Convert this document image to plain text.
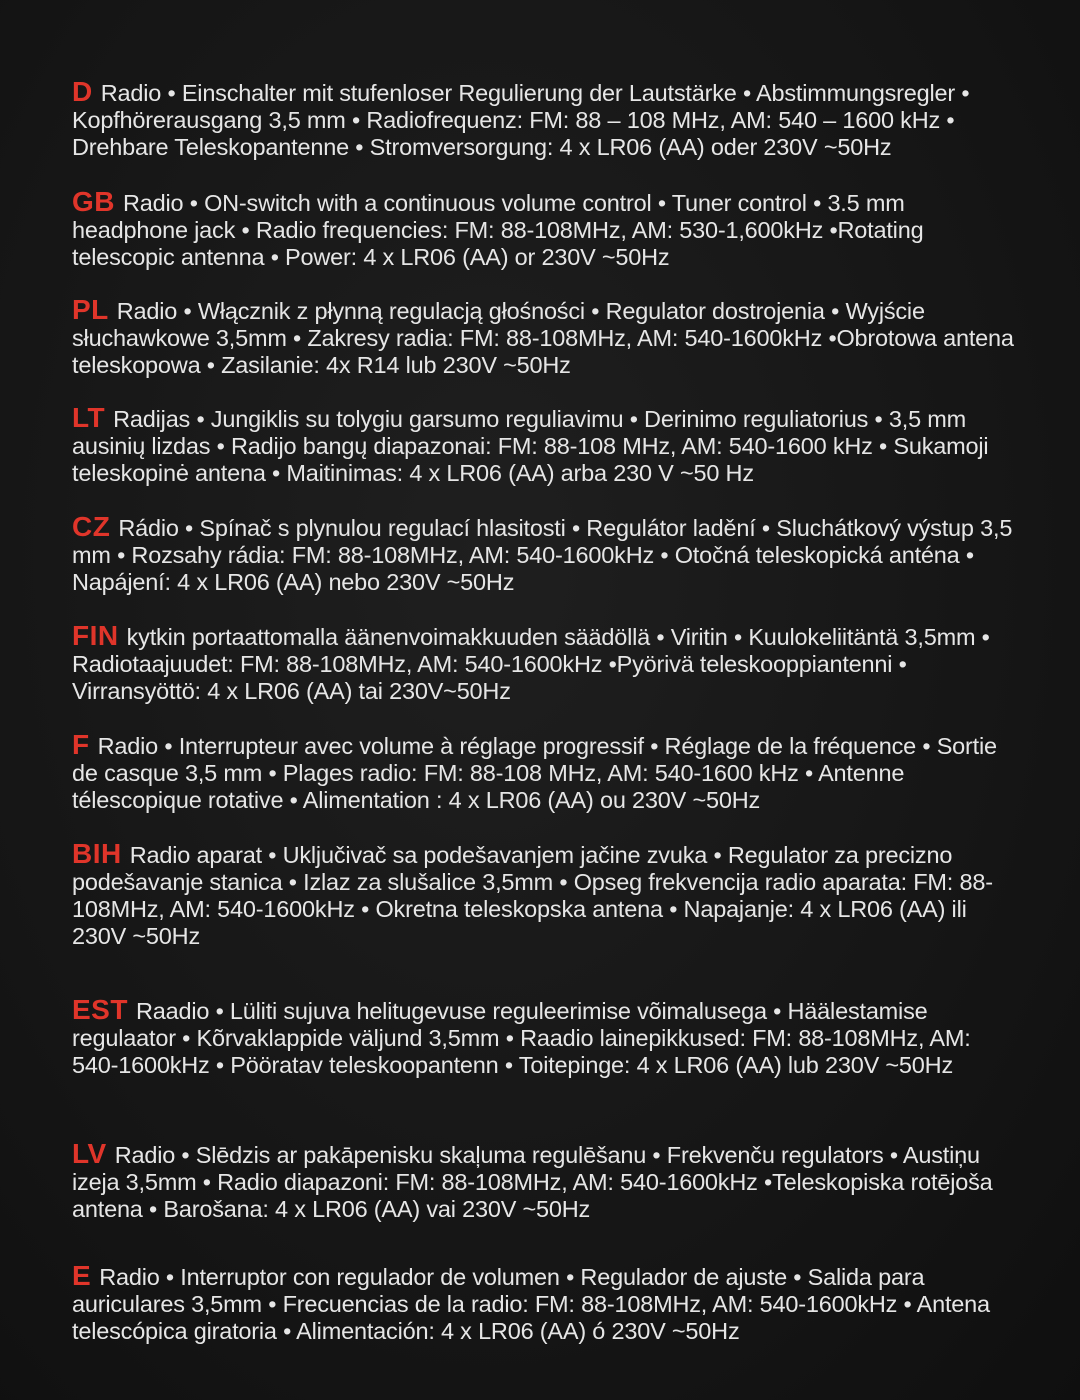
D Radio • Einschalter mit stufenloser Regulierung der Lautstärke • Abstimmungsregler • Kopfhörerausgang 3,5 mm • Radiofrequenz: FM: 88 – 108 MHz, AM: 540 – 1600 kHz • Drehbare Teleskopantenne • Stromversorgung: 4 x LR06 (AA) oder 230V ~50Hz
GB Radio • ON-switch with a continuous volume control • Tuner control • 3.5 mm headphone jack • Radio frequencies: FM: 88-108MHz, AM: 530-1,600kHz •Rotating telescopic antenna • Power: 4 x LR06 (AA) or 230V ~50Hz
PL Radio • Włącznik z płynną regulacją głośności • Regulator dostrojenia • Wyjście słuchawkowe 3,5mm • Zakresy radia: FM: 88-108MHz, AM: 540-1600kHz •Obrotowa antena teleskopowa • Zasilanie: 4x R14 lub 230V ~50Hz
LT Radijas • Jungiklis su tolygiu garsumo reguliavimu • Derinimo reguliatorius • 3,5 mm ausinių lizdas • Radijo bangų diapazonai: FM: 88-108 MHz, AM: 540-1600 kHz • Sukamoji teleskopinė antena • Maitinimas: 4 x LR06 (AA) arba 230 V ~50 Hz
CZ Rádio • Spínač s plynulou regulací hlasitosti • Regulátor ladění • Sluchátkový výstup 3,5 mm • Rozsahy rádia: FM: 88-108MHz, AM: 540-1600kHz • Otočná teleskopická anténa • Napájení: 4 x LR06 (AA) nebo 230V ~50Hz
FIN kytkin portaattomalla äänenvoimakkuuden säädöllä • Viritin • Kuulokeliitäntä 3,5mm • Radiotaajuudet: FM: 88-108MHz, AM: 540-1600kHz •Pyörivä teleskooppiantenni • Virransyöttö: 4 x LR06 (AA) tai 230V~50Hz
F Radio • Interrupteur avec volume à réglage progressif • Réglage de la fréquence • Sortie de casque 3,5 mm • Plages radio: FM: 88-108 MHz, AM: 540-1600 kHz • Antenne télescopique rotative • Alimentation : 4 x LR06 (AA) ou 230V ~50Hz
BIH Radio aparat • Uključivač sa podešavanjem jačine zvuka • Regulator za precizno podešavanje stanica • Izlaz za slušalice 3,5mm • Opseg frekvencija radio aparata: FM: 88-108MHz, AM: 540-1600kHz • Okretna teleskopska antena • Napajanje: 4 x LR06 (AA) ili 230V ~50Hz
EST Raadio • Lüliti sujuva helitugevuse reguleerimise võimalusega • Häälestamise regulaator • Kõrvaklappide väljund 3,5mm • Raadio lainepikkused: FM: 88-108MHz, AM: 540-1600kHz • Pööratav teleskoopantenn • Toitepinge: 4 x LR06 (AA) lub 230V ~50Hz
LV Radio • Slēdzis ar pakāpenisku skaļuma regulēšanu • Frekvenču regulators • Austiņu izeja 3,5mm • Radio diapazoni: FM: 88-108MHz, AM: 540-1600kHz •Teleskopiska rotējoša antena • Barošana: 4 x LR06 (AA) vai 230V ~50Hz
E Radio • Interruptor con regulador de volumen • Regulador de ajuste • Salida para auriculares 3,5mm • Frecuencias de la radio: FM: 88-108MHz, AM: 540-1600kHz • Antena telescópica giratoria • Alimentación: 4 x LR06 (AA) ó 230V ~50Hz
